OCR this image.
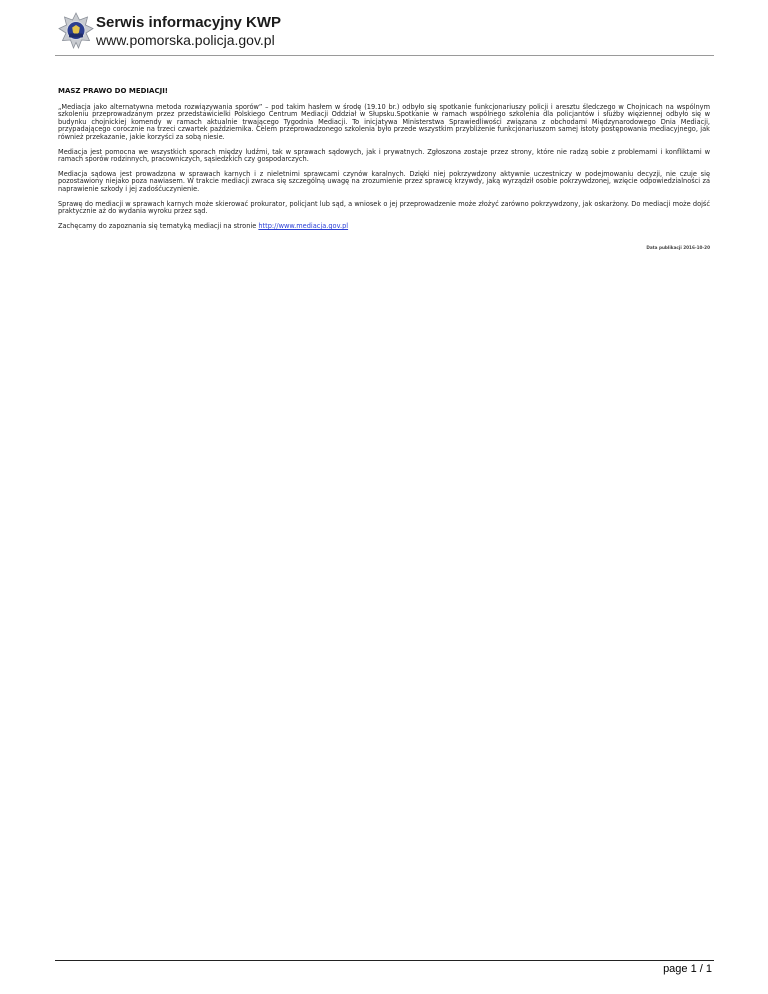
Serwis informacyjny KWP
www.pomorska.policja.gov.pl
MASZ PRAWO DO MEDIACJI!

„Mediacja jako alternatywna metoda rozwiązywania sporów” – pod takim hasłem w środę (19.10 br.) odbyło się spotkanie funkcjonariuszy policji i aresztu śledczego w Chojnicach na wspólnym szkoleniu przeprowadzanym przez przedstawicielki Polskiego Centrum Mediacji Oddział w Słupsku.Spotkanie w ramach wspólnego szkolenia dla policjantów i służby więziennej odbyło się w budynku chojnickiej komendy w ramach aktualnie trwającego Tygodnia Mediacji. To inicjatywa Ministerstwa Sprawiedliwości związana z obchodami Międzynarodowego Dnia Mediacji, przypadającego corocznie na trzeci czwartek października. Celem przeprowadzonego szkolenia było przede wszystkim przybliżenie funkcjonariuszom samej istoty postępowania mediacyjnego, jak również przekazanie, jakie korzyści za sobą niesie.

Mediacja jest pomocna we wszystkich sporach między ludźmi, tak w sprawach sądowych, jak i prywatnych. Zgłoszona zostaje przez strony, które nie radzą sobie z problemami i konfliktami w ramach sporów rodzinnych, pracowniczych, sąsiedzkich czy gospodarczych.

Mediacja sądowa jest prowadzona w sprawach karnych i z nieletnimi sprawcami czynów karalnych. Dzięki niej pokrzywdzony aktywnie uczestniczy w podejmowaniu decyzji, nie czuje się pozostawiony niejako poza nawiasem. W trakcie mediacji zwraca się szczególną uwagę na zrozumienie przez sprawcę krzywdy, jaką wyrządził osobie pokrzywdzonej, wzięcie odpowiedzialności za naprawienie szkody i jej zadośćuczynienie.

Sprawę do mediacji w sprawach karnych może skierować prokurator, policjant lub sąd, a wniosek o jej przeprowadzenie może złożyć zarówno pokrzywdzony, jak oskarżony. Do mediacji może dojść praktycznie aż do wydania wyroku przez sąd.

Zachęcamy do zapoznania się tematyką mediacji na stronie http://www.mediacja.gov.pl

Data publikacji 2016-10-20
page 1 / 1
